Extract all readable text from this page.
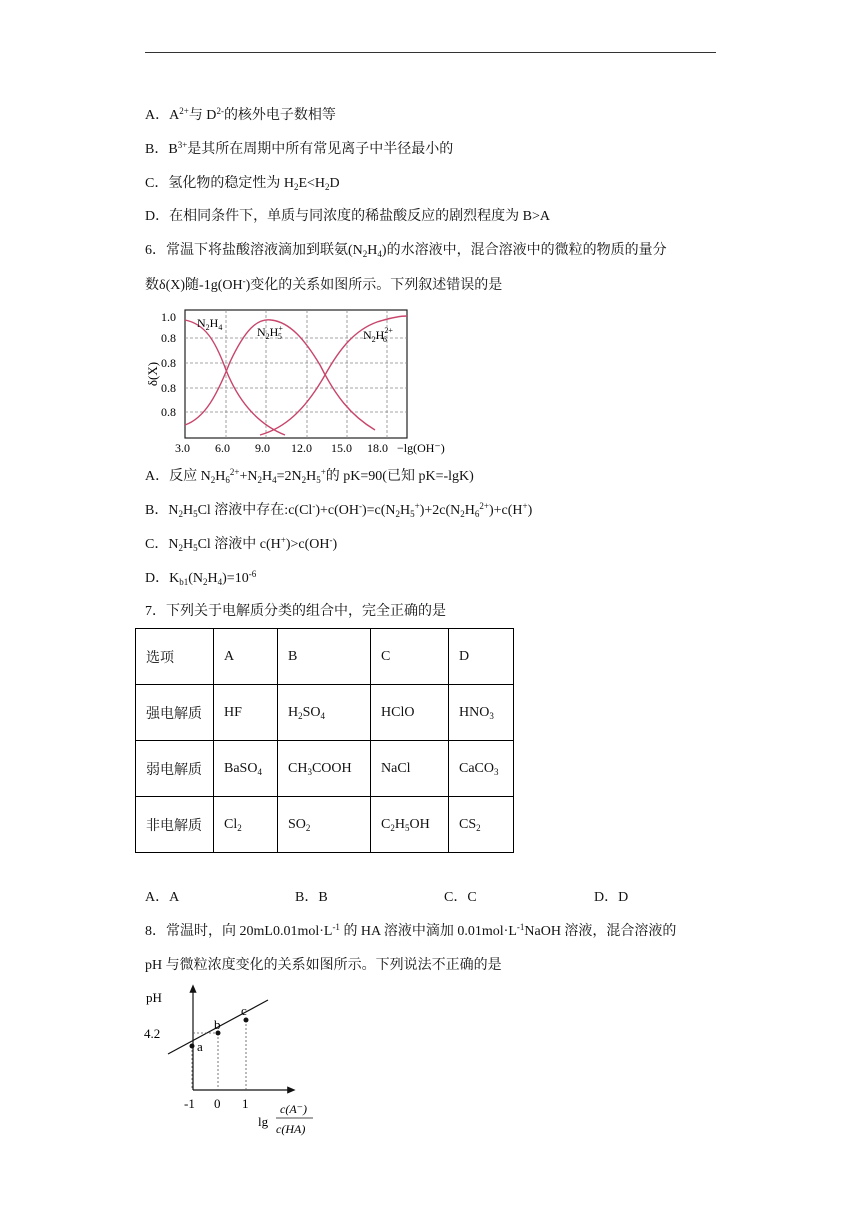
A．$A^{2+}$与 $D^{2-}$的核外电子数相等
B．$B^{3+}$是其所在周期中所有常见离子中半径最小的
C．氢化物的稳定性为 $H_2E<H_2D$
D．在相同条件下，单质与同浓度的稀盐酸反应的剧烈程度为 B>A
6．常温下将盐酸溶液滴加到联氨$(N_2H_4)$的水溶液中，混合溶液中的微粒的物质的量分
数δ(X)随-1g(OH-)变化的关系如图所示。下列叙述错误的是
1.0
0.8
0.8
0.8
0.8
δ(X)
3.0 6.0 9.0 12.0 15.0 18.0 −lg(OH⁻)
$N_2H_4$	$N_2H^+$ 5	$N_2H^{2+}$ 6
A．反应 $N_2H_6^{2+}+N_2H_4=2N_2H_5^+$的 pK=90(已知 pK=-lgK)
B．$N_2H_5Cl$ 溶液中存在$:c(Cl^-)+c(OH^-)=c(N_2H_5^+)+2c(N_2H_6^{2+})+c(H^+)$
C．$N_2H_5Cl$ 溶液中 c(H+)>c(OH-)
D．$K_{b1}(N_2H_4)=10^{-6}$
7．下列关于电解质分类的组合中，完全正确的是
选项	A	B	C	D
强电解质	HF	$H_2SO_4$	HClO	$HNO_3$
弱电解质	BaSO$_4$	$CH_3COOH$	NaCl	CaCO$_3$
非电解质	$Cl_2$	$SO_2$	$C_2H_5OH$	$CS_2$
A．A	B．B	C．C	D．D
8．常温时，向 $20mL0.01mol\cdot L^{-1}$ 的 HA 溶液中滴加 $0.01mol\cdot L^{-1}NaOH$ 溶液，混合溶液的
pH 与微粒浓度变化的关系如图所示。下列说法不正确的是
a
b
c
pH
4.2
-1 0 1
lg
c(A⁻)
c(HA)
